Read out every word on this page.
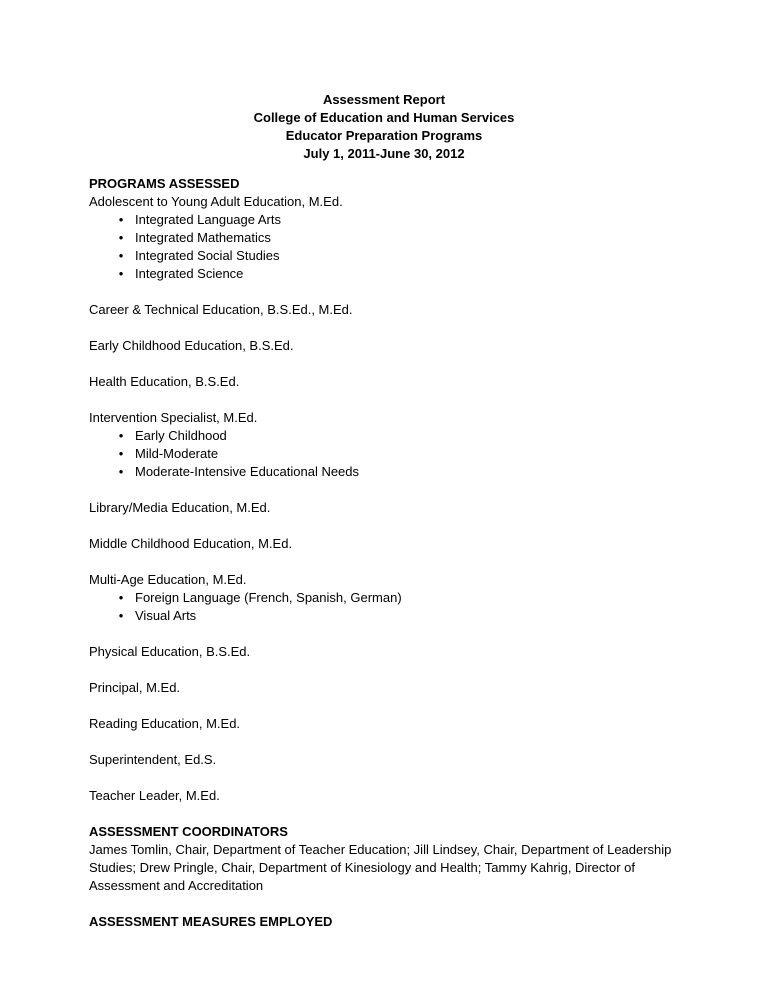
Assessment Report
College of Education and Human Services
Educator Preparation Programs
July 1, 2011-June 30, 2012
PROGRAMS ASSESSED
Adolescent to Young Adult Education, M.Ed.
• Integrated Language Arts
• Integrated Mathematics
• Integrated Social Studies
• Integrated Science
Career & Technical Education, B.S.Ed., M.Ed.
Early Childhood Education, B.S.Ed.
Health Education, B.S.Ed.
Intervention Specialist, M.Ed.
• Early Childhood
• Mild-Moderate
• Moderate-Intensive Educational Needs
Library/Media Education, M.Ed.
Middle Childhood Education, M.Ed.
Multi-Age Education, M.Ed.
• Foreign Language (French, Spanish, German)
• Visual Arts
Physical Education, B.S.Ed.
Principal, M.Ed.
Reading Education, M.Ed.
Superintendent, Ed.S.
Teacher Leader, M.Ed.
ASSESSMENT COORDINATORS
James Tomlin, Chair, Department of Teacher Education; Jill Lindsey, Chair, Department of Leadership Studies; Drew Pringle, Chair, Department of Kinesiology and Health; Tammy Kahrig, Director of Assessment and Accreditation
ASSESSMENT MEASURES EMPLOYED
